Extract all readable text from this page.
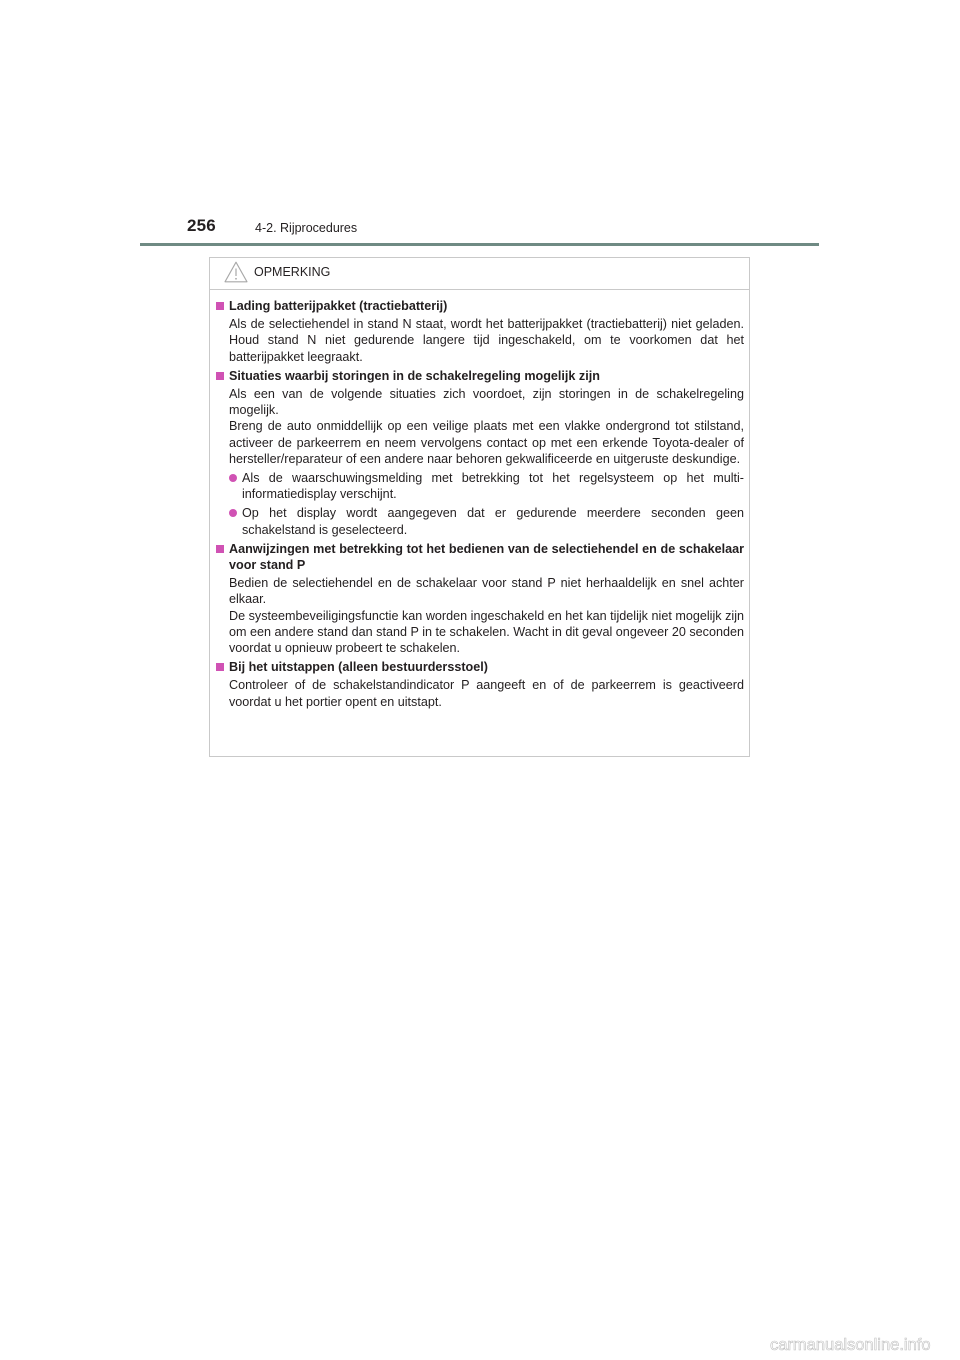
256	4-2. Rijprocedures
OPMERKING
Lading batterijpakket (tractiebatterij)
Als de selectiehendel in stand N staat, wordt het batterijpakket (tractiebatterij) niet geladen. Houd stand N niet gedurende langere tijd ingeschakeld, om te voorkomen dat het batterijpakket leegraakt.
Situaties waarbij storingen in de schakelregeling mogelijk zijn
Als een van de volgende situaties zich voordoet, zijn storingen in de schakelregeling mogelijk.
Breng de auto onmiddellijk op een veilige plaats met een vlakke ondergrond tot stilstand, activeer de parkeerrem en neem vervolgens contact op met een erkende Toyota-dealer of hersteller/reparateur of een andere naar behoren gekwalificeerde en uitgeruste deskundige.
Als de waarschuwingsmelding met betrekking tot het regelsysteem op het multi-informatiedisplay verschijnt.
Op het display wordt aangegeven dat er gedurende meerdere seconden geen schakelstand is geselecteerd.
Aanwijzingen met betrekking tot het bedienen van de selectiehendel en de schakelaar voor stand P
Bedien de selectiehendel en de schakelaar voor stand P niet herhaaldelijk en snel achter elkaar.
De systeembeveiligingsfunctie kan worden ingeschakeld en het kan tijdelijk niet mogelijk zijn om een andere stand dan stand P in te schakelen. Wacht in dit geval ongeveer 20 seconden voordat u opnieuw probeert te schakelen.
Bij het uitstappen (alleen bestuurdersstoel)
Controleer of de schakelstandindicator P aangeeft en of de parkeerrem is geactiveerd voordat u het portier opent en uitstapt.
carmanualsonline.info
